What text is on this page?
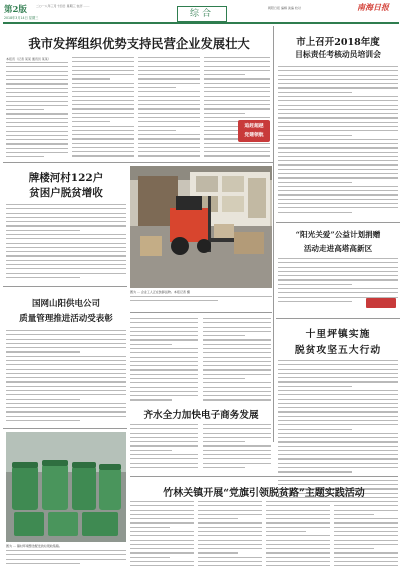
第2版	二○一八年三月十四日 星期三 农历 ……
2018年3月14日 星期三	综合
朝阳日报 编辑 美编 校对	南海日报
我市发挥组织优势支持民营企业发展壮大
本报讯（记者 某某 通讯员 某某）
追赶超越
党建领航
市上召开2018年度
目标责任考核动员培训会
牌楼河村122户
贫困户脱贫增收
图为 … 企业工人正在装卸货物。本报记者 摄
“阳光关爱”公益计划捐赠
活动走进高塔高新区
国网山阳供电公司
质量管理推进活动受表彰
十里坪镇实施
脱贫攻坚五大行动
齐水全力加快电子商务发展
图为 … 镇村环境整治配发的垃圾收集箱。
竹林关镇开展“党旗引领脱贫路”主题实践活动
